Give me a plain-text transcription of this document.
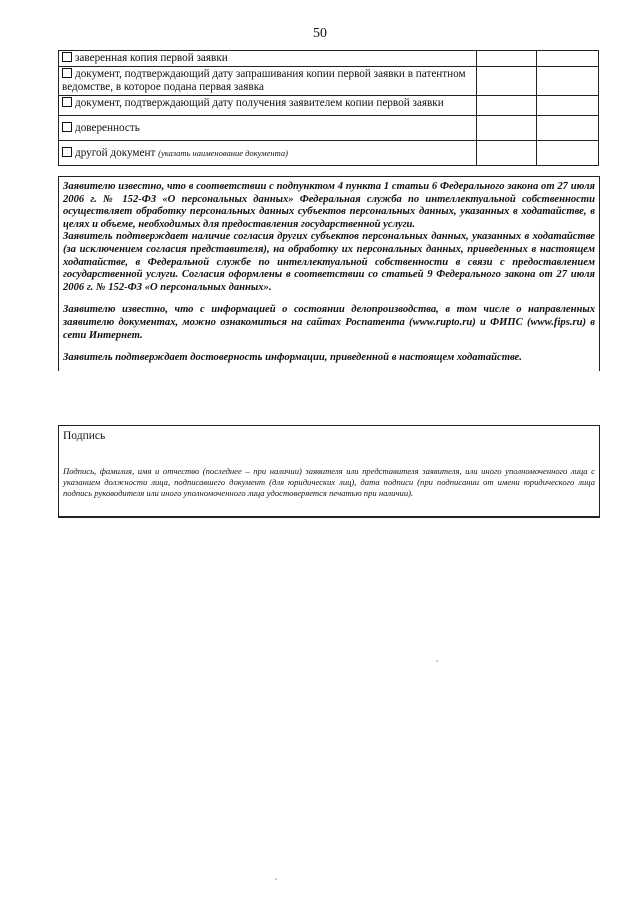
50
заверенная копия первой заявки		
документ, подтверждающий дату запрашивания копии первой заявки в патентном ведомстве, в которое подана первая заявка		
документ, подтверждающий дату получения заявителем копии первой заявки		
доверенность		
другой документ (указать наименование документа)		

Заявителю известно, что в соответствии с подпунктом 4 пункта 1 статьи 6 Федерального закона от 27 июля 2006 г. № 152-ФЗ «О персональных данных» Федеральная служба по интеллектуальной собственности осуществляет обработку персональных данных субъектов персональных данных, указанных в ходатайстве, в целях и объеме, необходимых для предоставления государственной услуги.

Заявитель подтверждает наличие согласия других субъектов персональных данных, указанных в ходатайстве (за исключением согласия представителя), на обработку их персональных данных, приведенных в настоящем ходатайстве, в Федеральной службе по интеллектуальной собственности в связи с предоставлением государственной услуги. Согласия оформлены в соответствии со статьей 9 Федерального закона от 27 июля 2006 г. № 152-ФЗ «О персональных данных».

Заявителю известно, что с информацией о состоянии делопроизводства, в том числе о направленных заявителю документах, можно ознакомиться на сайтах Роспатента (www.rupto.ru) и ФИПС (www.fips.ru) в сети Интернет.

Заявитель подтверждает достоверность информации, приведенной в настоящем ходатайстве.

Подпись
Подпись, фамилия, имя и отчество (последнее – при наличии) заявителя или представителя заявителя, или иного уполномоченного лица с указанием должности лица, подписавшего документ (для юридических лиц), дата подписи (при подписании от имени юридического лица подпись руководителя или иного уполномоченного лица удостоверяется печатью при наличии).
